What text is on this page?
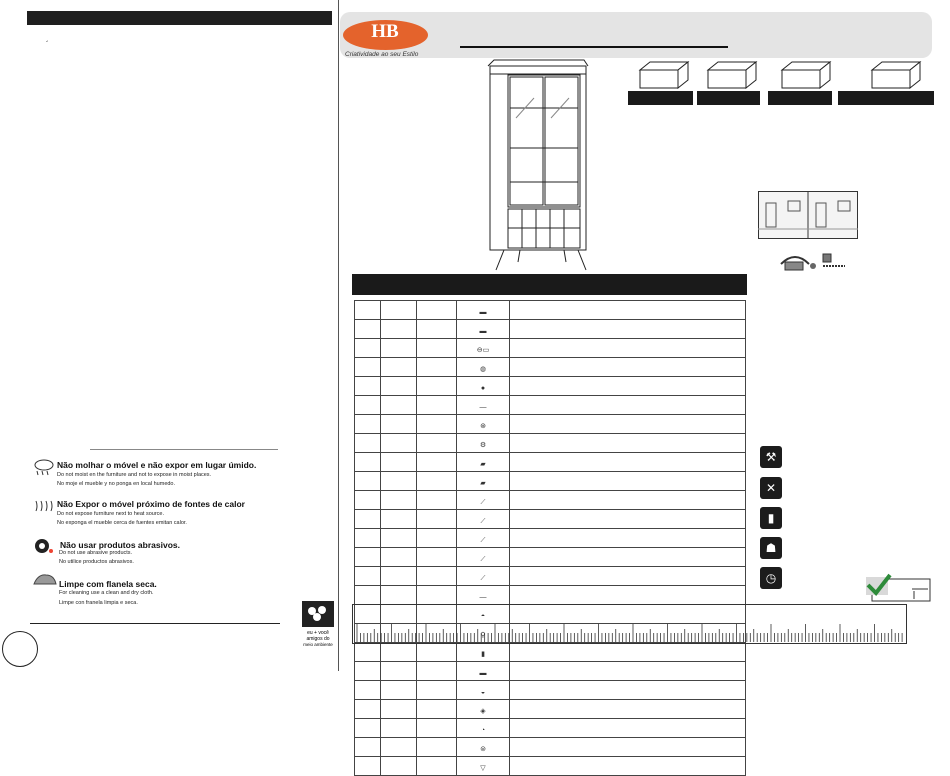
´
Não molhar o móvel e não expor em lugar úmido.
Do not moist en the furniture and not to expose in moist places.
No moje el mueble y no ponga en local humedo.
Não Expor o móvel próximo de fontes de calor
Do not expose furniture next to heat source.
No exponga el mueble cerca de fuentes emitan calor.
Não usar produtos abrasivos.
Do not use abrasive products.
No utilice productos abrasivos.
Limpe com flanela seca.
For cleaning use a clean and dry cloth.
Limpe con franela limpia e seca.
eu + você
amigos do
meio ambiente
HB
Criatividade ao seu Estilo
			▬	
			▬	
			⊖▭	
			◍	
			●	
			—	
			⊛	
			⚙	
			▰	
			▰	
			⟋	
			⟋	
			⟋	
			⟋	
			⟋	
			—	
			◓	
			⚲	
			▮	
			▬	
			◒	
			◈	
			◔	
			⊜	
			▽	
⚒
✕
▮
☗
◷
